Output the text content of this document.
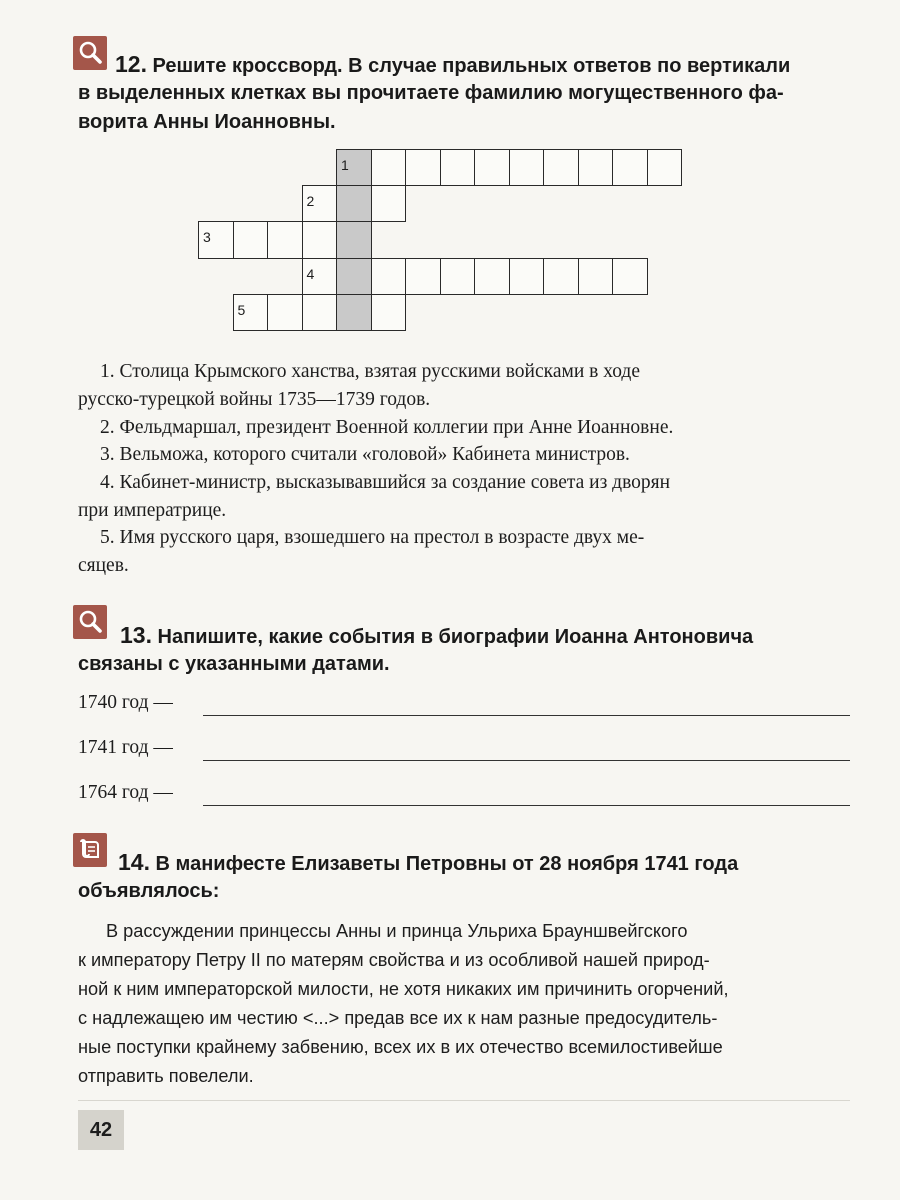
12. Решите кроссворд. В случае правильных ответов по вертикали
в выделенных клетках вы прочитаете фамилию могущественного фа-
ворита Анны Иоанновны.
1
2
3
4
5
1. Столица Крымского ханства, взятая русскими войсками в ходе
русско-турецкой войны 1735—1739 годов.
2. Фельдмаршал, президент Военной коллегии при Анне Иоанновне.
3. Вельможа, которого считали «головой» Кабинета министров.
4. Кабинет-министр, высказывавшийся за создание совета из дворян
при императрице.
5. Имя русского царя, взошедшего на престол в возрасте двух ме-
сяцев.
13. Напишите, какие события в биографии Иоанна Антоновича
связаны с указанными датами.
1740 год —
1741 год —
1764 год —
14. В манифесте Елизаветы Петровны от 28 ноября 1741 года
объявлялось:
В рассуждении принцессы Анны и принца Ульриха Брауншвейгского
к императору Петру II по матерям свойства и из особливой нашей природ-
ной к ним императорской милости, не хотя никаких им причинить огорчений,
с надлежащею им честию <...> предав все их к нам разные предосудитель-
ные поступки крайнему забвению, всех их в их отечество всемилостивейше
отправить повелели.
42
